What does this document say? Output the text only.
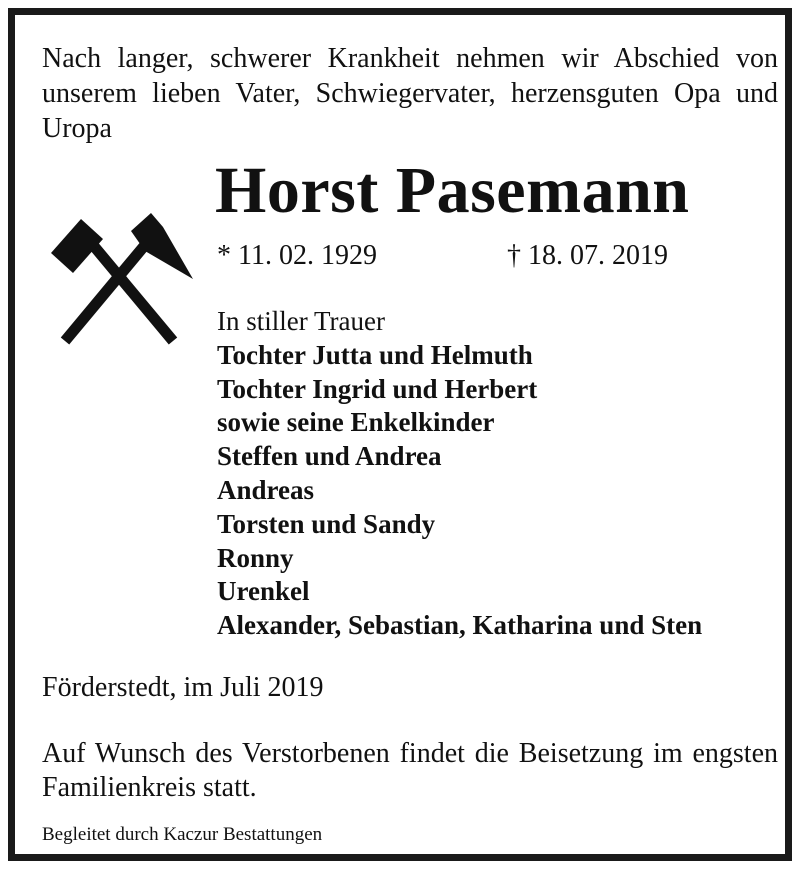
Nach langer, schwerer Krankheit nehmen wir Abschied von unserem lieben Vater, Schwiegervater, herzensguten Opa und Uropa

Horst Pasemann
* 11. 02. 1929	† 18. 07. 2019
In stiller Trauer
Tochter Jutta und Helmuth
Tochter Ingrid und Herbert
sowie seine Enkelkinder
Steffen und Andrea
Andreas
Torsten und Sandy
Ronny
Urenkel
Alexander, Sebastian, Katharina und Sten

Förderstedt, im Juli 2019

Auf Wunsch des Verstorbenen findet die Beisetzung im engsten Familienkreis statt.

Begleitet durch Kaczur Bestattungen
